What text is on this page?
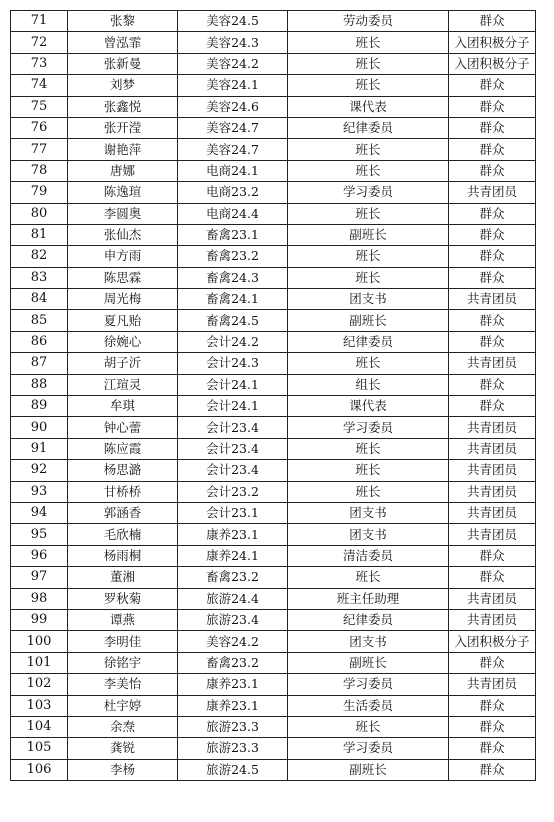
71	张黎	美容24.5	劳动委员	群众
72	曾泓霏	美容24.3	班长	入团积极分子
73	张新曼	美容24.2	班长	入团积极分子
74	刘梦	美容24.1	班长	群众
75	张鑫悦	美容24.6	课代表	群众
76	张开滢	美容24.7	纪律委员	群众
77	谢艳萍	美容24.7	班长	群众
78	唐娜	电商24.1	班长	群众
79	陈逸瑄	电商23.2	学习委员	共青团员
80	李圆奥	电商24.4	班长	群众
81	张仙杰	畜禽23.1	副班长	群众
82	申方雨	畜禽23.2	班长	群众
83	陈思霖	畜禽24.3	班长	群众
84	周光梅	畜禽24.1	团支书	共青团员
85	夏凡贻	畜禽24.5	副班长	群众
86	徐婉心	会计24.2	纪律委员	群众
87	胡子沂	会计24.3	班长	共青团员
88	江瑄灵	会计24.1	组长	群众
89	牟琪	会计24.1	课代表	群众
90	钟心蕾	会计23.4	学习委员	共青团员
91	陈应霞	会计23.4	班长	共青团员
92	杨思潞	会计23.4	班长	共青团员
93	甘桥桥	会计23.2	班长	共青团员
94	郭涵香	会计23.1	团支书	共青团员
95	毛欣楠	康养23.1	团支书	共青团员
96	杨雨桐	康养24.1	清洁委员	群众
97	董湘	畜禽23.2	班长	群众
98	罗秋菊	旅游24.4	班主任助理	共青团员
99	谭燕	旅游23.4	纪律委员	共青团员
100	李明佳	美容24.2	团支书	入团积极分子
101	徐铭宇	畜禽23.2	副班长	群众
102	李美怡	康养23.1	学习委员	共青团员
103	杜宇婷	康养23.1	生活委员	群众
104	余焘	旅游23.3	班长	群众
105	龚锐	旅游23.3	学习委员	群众
106	李杨	旅游24.5	副班长	群众
